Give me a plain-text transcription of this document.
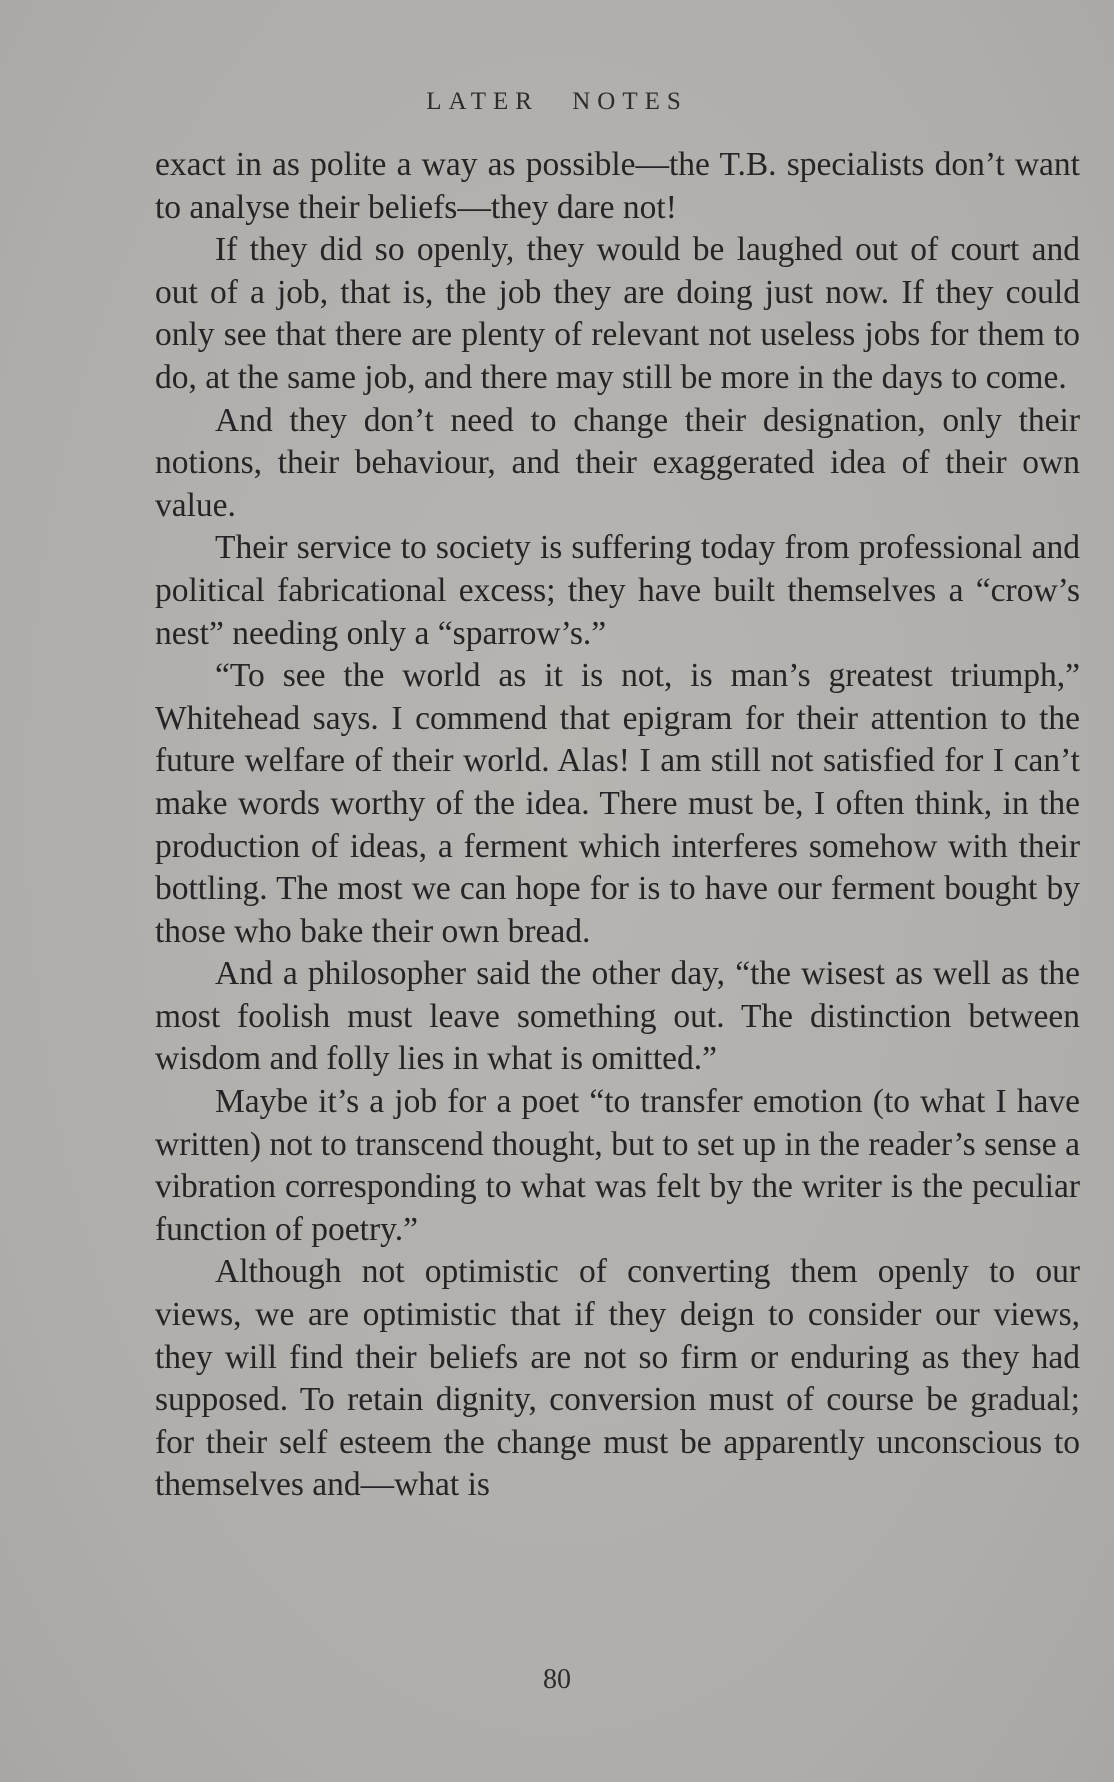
LATER NOTES

exact in as polite a way as possible—the T.B. specialists don’t want to analyse their beliefs—they dare not!

If they did so openly, they would be laughed out of court and out of a job, that is, the job they are doing just now. If they could only see that there are plenty of relevant not useless jobs for them to do, at the same job, and there may still be more in the days to come.

And they don’t need to change their designation, only their notions, their behaviour, and their exaggerated idea of their own value.

Their service to society is suffering today from professional and political fabricational excess; they have built themselves a “crow’s nest” needing only a “sparrow’s.”

“To see the world as it is not, is man’s greatest triumph,” Whitehead says. I commend that epigram for their attention to the future welfare of their world. Alas! I am still not satisfied for I can’t make words worthy of the idea. There must be, I often think, in the production of ideas, a ferment which interferes somehow with their bottling. The most we can hope for is to have our ferment bought by those who bake their own bread.

And a philosopher said the other day, “the wisest as well as the most foolish must leave something out. The distinction between wisdom and folly lies in what is omitted.”

Maybe it’s a job for a poet “to transfer emotion (to what I have written) not to transcend thought, but to set up in the reader’s sense a vibration corresponding to what was felt by the writer is the peculiar function of poetry.”

Although not optimistic of converting them openly to our views, we are optimistic that if they deign to consider our views, they will find their beliefs are not so firm or enduring as they had supposed. To retain dignity, conversion must of course be gradual; for their self esteem the change must be apparently unconscious to themselves and—what is

80
